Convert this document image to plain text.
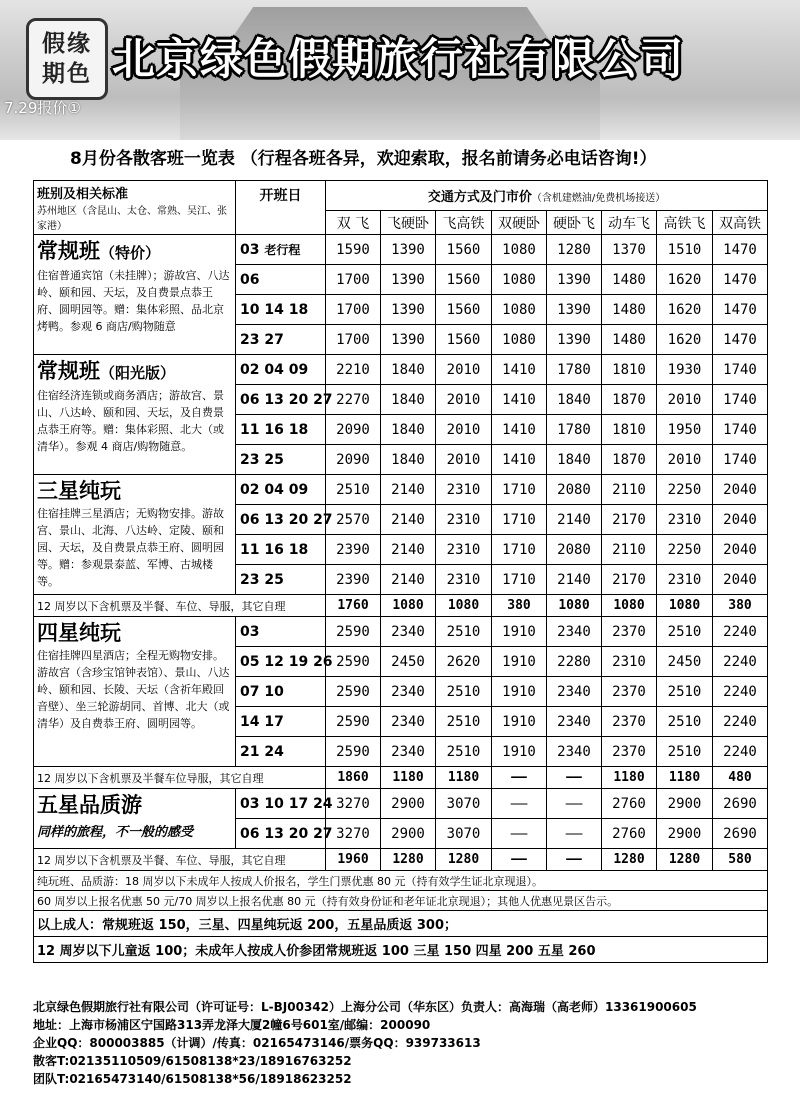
假缘期色 北京绿色假期旅行社有限公司
7.29报价①
8月份各散客班一览表 （行程各班各异，欢迎索取，报名前请务必电话咨询!）
班别及相关标准
苏州地区（含昆山、太仓、常熟、吴江、张家港）	开班日	交通方式及门市价（含机建燃油/免费机场接送）							
		双 飞	飞硬卧	飞高铁	双硬卧	硬卧飞	动车飞	高铁飞	双高铁

常规班（特价）
住宿普通宾馆（未挂牌）；游故宫、八达岭、颐和园、天坛，及自费景点恭王府、圆明园等。赠：集体彩照、品北京烤鸭。参观 6 商店/购物随意	03 老行程	1590	1390	1560	1080	1280	1370	1510	1470
	06	1700	1390	1560	1080	1390	1480	1620	1470
	10 14 18	1700	1390	1560	1080	1390	1480	1620	1470
	23 27	1700	1390	1560	1080	1390	1480	1620	1470

常规班（阳光版）
住宿经济连锁或商务酒店；游故宫、景山、八达岭、颐和园、天坛，及自费景点恭王府等。赠：集体彩照、北大（或清华）。参观 4 商店/购物随意。	02 04 09	2210	1840	2010	1410	1780	1810	1930	1740
	06 13 20 27	2270	1840	2010	1410	1840	1870	2010	1740
	11 16 18	2090	1840	2010	1410	1780	1810	1950	1740
	23 25	2090	1840	2010	1410	1840	1870	2010	1740

三星纯玩
住宿挂牌三星酒店；无购物安排。游故宫、景山、北海、八达岭、定陵、颐和园、天坛，及自费景点恭王府、圆明园等。赠：参观景泰蓝、军博、古城楼等。	02 04 09	2510	2140	2310	1710	2080	2110	2250	2040
	06 13 20 27	2570	2140	2310	1710	2140	2170	2310	2040
	11 16 18	2390	2140	2310	1710	2080	2110	2250	2040
	23 25	2390	2140	2310	1710	2140	2170	2310	2040
12 周岁以下含机票及半餐、车位、导服，其它自理		1760	1080	1080	380	1080	1080	1080	380

四星纯玩
住宿挂牌四星酒店；全程无购物安排。游故宫（含珍宝馆钟表馆）、景山、八达岭、颐和园、长陵、天坛（含祈年殿回音壁）、坐三轮游胡同、首博、北大（或清华）及自费恭王府、圆明园等。	03	2590	2340	2510	1910	2340	2370	2510	2240
	05 12 19 26	2590	2450	2620	1910	2280	2310	2450	2240
	07 10	2590	2340	2510	1910	2340	2370	2510	2240
	14 17	2590	2340	2510	1910	2340	2370	2510	2240
	21 24	2590	2340	2510	1910	2340	2370	2510	2240
12 周岁以下含机票及半餐车位导服，其它自理		1860	1180	1180	——	——	1180	1180	480

五星品质游
同样的旅程，不一般的感受	03 10 17 24	3270	2900	3070	——	——	2760	2900	2690
	06 13 20 27	3270	2900	3070	——	——	2760	2900	2690
12 周岁以下含机票及半餐、车位、导服，其它自理		1960	1280	1280	——	——	1280	1280	580
纯玩班、品质游：18 周岁以下未成年人按成人价报名，学生门票优惠 80 元（持有效学生证北京现退）。									
60 周岁以上报名优惠 50 元/70 周岁以上报名优惠 80 元（持有效身份证和老年证北京现退）；其他人优惠见景区告示。									
以上成人：常规班返 150，三星、四星纯玩返 200，五星品质返 300；									
12 周岁以下儿童返 100；未成年人按成人价参团常规班返 100 三星 150 四星 200 五星 260									
北京绿色假期旅行社有限公司（许可证号：L-BJ00342）上海分公司（华东区）负责人：高海瑞（高老师）13361900605
地址：上海市杨浦区宁国路313弄龙泽大厦2幢6号601室/邮编：200090
企业QQ：800003885（计调）/传真：02165473146/票务QQ：939733613
散客T:02135110509/61508138*23/18916763252
团队T:02165473140/61508138*56/18918623252
